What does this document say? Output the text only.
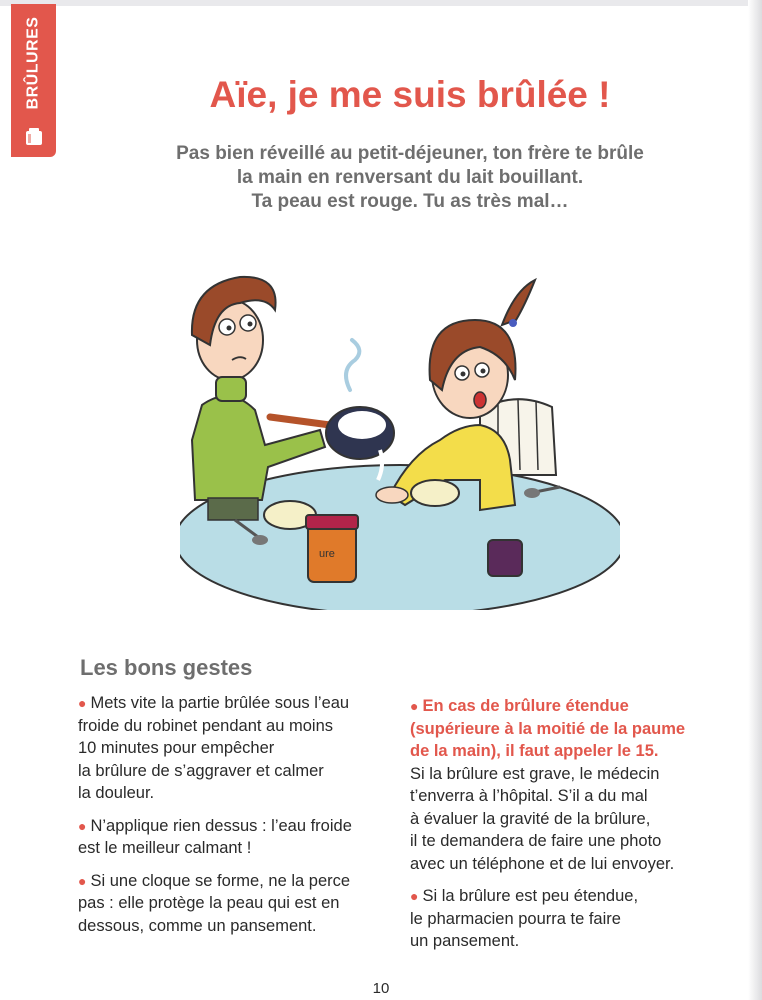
BRÛLURES	Aïe, je me suis brûlée !
Pas bien réveillé au petit-déjeuner, ton frère te brûle
la main en renversant du lait bouillant.
Ta peau est rouge. Tu as très mal…
ure
Les bons gestes

● Mets vite la partie brûlée sous l’eau
froide du robinet pendant au moins
10 minutes pour empêcher
la brûlure de s’aggraver et calmer
la douleur.

● N’applique rien dessus : l’eau froide
est le meilleur calmant !

● Si une cloque se forme, ne la perce
pas : elle protège la peau qui est en
dessous, comme un pansement.

● En cas de brûlure étendue
(supérieure à la moitié de la paume
de la main), il faut appeler le 15.
Si la brûlure est grave, le médecin
t’enverra à l’hôpital. S’il a du mal
à évaluer la gravité de la brûlure,
il te demandera de faire une photo
avec un téléphone et de lui envoyer.

● Si la brûlure est peu étendue,
le pharmacien pourra te faire
un pansement.

10
